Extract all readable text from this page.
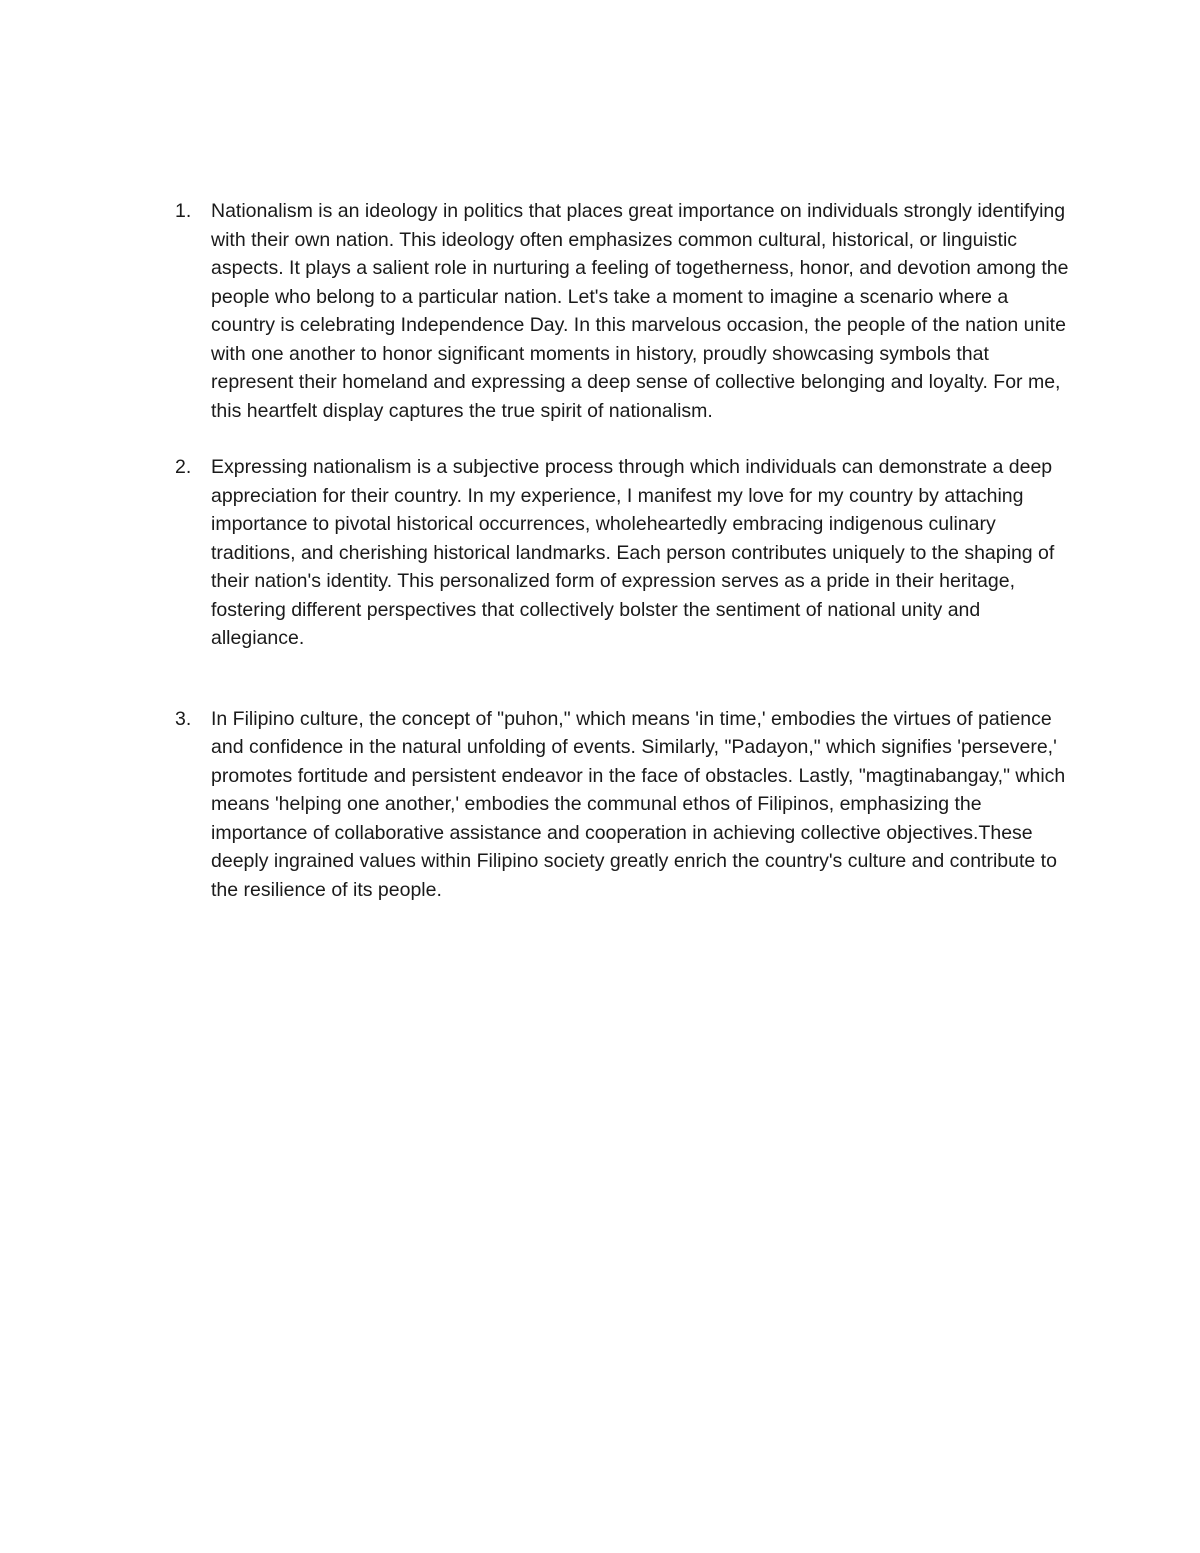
1. Nationalism is an ideology in politics that places great importance on individuals strongly identifying with their own nation. This ideology often emphasizes common cultural, historical, or linguistic aspects. It plays a salient role in nurturing a feeling of togetherness, honor, and devotion among the people who belong to a particular nation. Let's take a moment to imagine a scenario where a country is celebrating Independence Day. In this marvelous occasion, the people of the nation unite with one another to honor significant moments in history, proudly showcasing symbols that represent their homeland and expressing a deep sense of collective belonging and loyalty. For me, this heartfelt display captures the true spirit of nationalism.
2. Expressing nationalism is a subjective process through which individuals can demonstrate a deep appreciation for their country. In my experience, I manifest my love for my country by attaching importance to pivotal historical occurrences, wholeheartedly embracing indigenous culinary traditions, and cherishing historical landmarks. Each person contributes uniquely to the shaping of their nation's identity. This personalized form of expression serves as a pride in their heritage, fostering different perspectives that collectively bolster the sentiment of national unity and allegiance.
3. In Filipino culture, the concept of "puhon," which means 'in time,' embodies the virtues of patience and confidence in the natural unfolding of events. Similarly, "Padayon," which signifies 'persevere,' promotes fortitude and persistent endeavor in the face of obstacles. Lastly, "magtinabangay," which means 'helping one another,' embodies the communal ethos of Filipinos, emphasizing the importance of collaborative assistance and cooperation in achieving collective objectives.These deeply ingrained values within Filipino society greatly enrich the country's culture and contribute to the resilience of its people.
